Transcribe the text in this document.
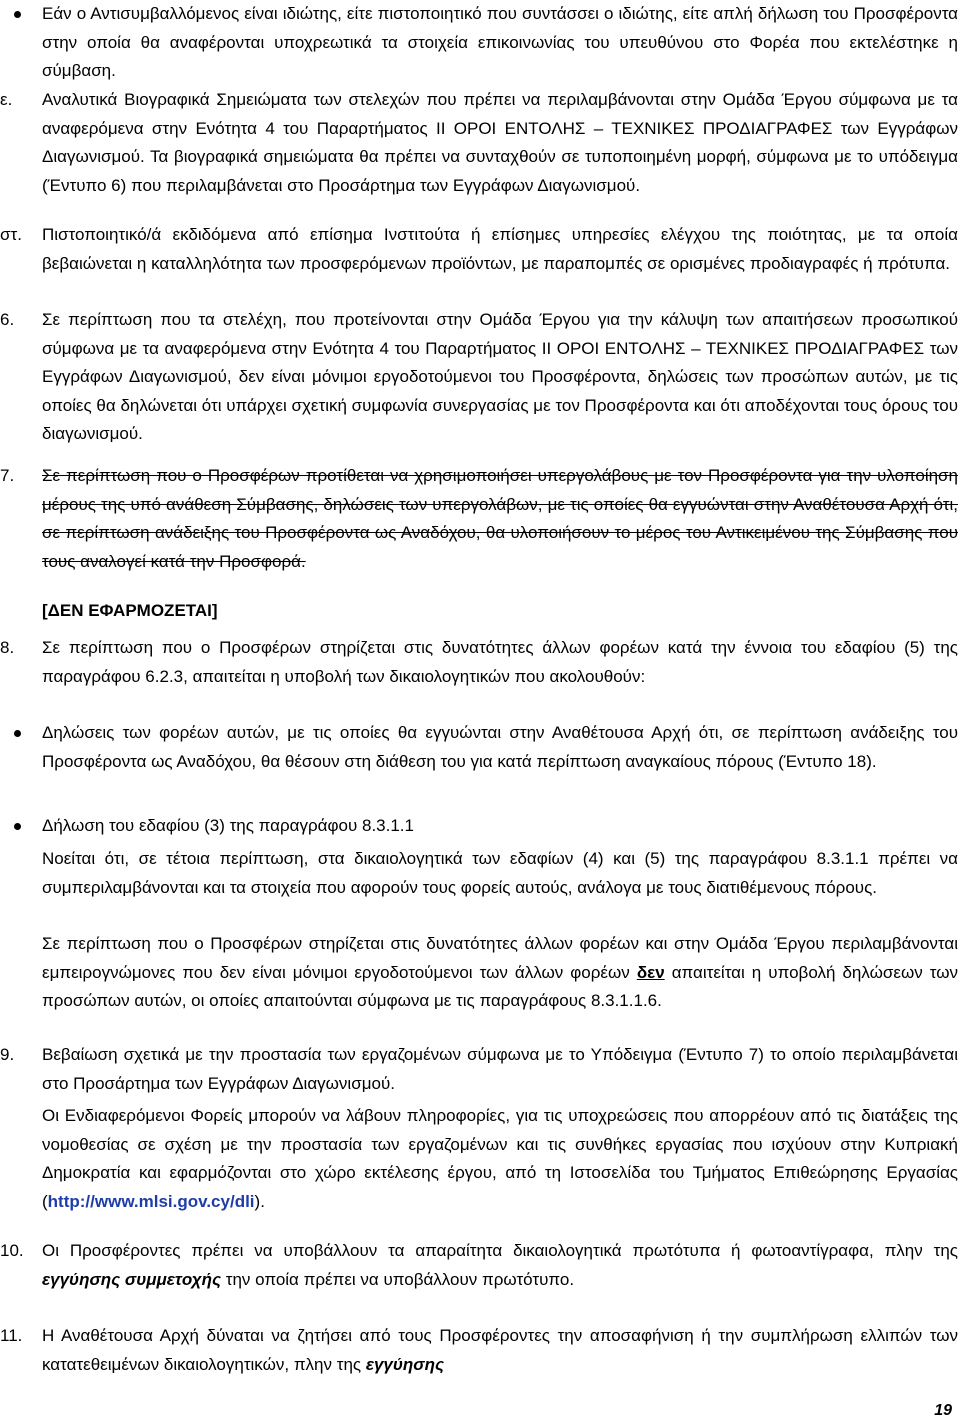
Εάν ο Αντισυμβαλλόμενος είναι ιδιώτης, είτε πιστοποιητικό που συντάσσει ο ιδιώτης, είτε απλή δήλωση του Προσφέροντα στην οποία θα αναφέρονται υποχρεωτικά τα στοιχεία επικοινωνίας του υπευθύνου στο Φορέα που εκτελέστηκε η σύμβαση.
ε.	Αναλυτικά Βιογραφικά Σημειώματα των στελεχών που πρέπει να περιλαμβάνονται στην Ομάδα Έργου σύμφωνα με τα αναφερόμενα στην Ενότητα 4 του Παραρτήματος ΙΙ ΟΡΟΙ ΕΝΤΟΛΗΣ – ΤΕΧΝΙΚΕΣ ΠΡΟΔΙΑΓΡΑΦΕΣ των Εγγράφων Διαγωνισμού. Τα βιογραφικά σημειώματα θα πρέπει να συνταχθούν σε τυποποιημένη μορφή, σύμφωνα με το υπόδειγμα (Έντυπο 6) που περιλαμβάνεται στο Προσάρτημα των Εγγράφων Διαγωνισμού.
στ.	Πιστοποιητικό/ά εκδιδόμενα από επίσημα Ινστιτούτα ή επίσημες υπηρεσίες ελέγχου της ποιότητας, με τα οποία βεβαιώνεται η καταλληλότητα των προσφερόμενων προϊόντων, με παραπομπές σε ορισμένες προδιαγραφές ή πρότυπα.
6.	Σε περίπτωση που τα στελέχη, που προτείνονται στην Ομάδα Έργου για την κάλυψη των απαιτήσεων προσωπικού σύμφωνα με τα αναφερόμενα στην Ενότητα 4 του Παραρτήματος ΙΙ ΟΡΟΙ ΕΝΤΟΛΗΣ – ΤΕΧΝΙΚΕΣ ΠΡΟΔΙΑΓΡΑΦΕΣ των Εγγράφων Διαγωνισμού, δεν είναι μόνιμοι εργοδοτούμενοι του Προσφέροντα, δηλώσεις των προσώπων αυτών, με τις οποίες θα δηλώνεται ότι υπάρχει σχετική συμφωνία συνεργασίας με τον Προσφέροντα και ότι αποδέχονται τους όρους του διαγωνισμού.
7.	Σε περίπτωση που ο Προσφέρων προτίθεται να χρησιμοποιήσει υπεργολάβους με τον Προσφέροντα για την υλοποίηση μέρους της υπό ανάθεση Σύμβασης, δηλώσεις των υπεργολάβων, με τις οποίες θα εγγυώνται στην Αναθέτουσα Αρχή ότι, σε περίπτωση ανάδειξης του Προσφέροντα ως Αναδόχου, θα υλοποιήσουν το μέρος του Αντικειμένου της Σύμβασης που τους αναλογεί κατά την Προσφορά.
[ΔΕΝ ΕΦΑΡΜΟΖΕΤΑΙ]
8.	Σε περίπτωση που ο Προσφέρων στηρίζεται στις δυνατότητες άλλων φορέων κατά την έννοια του εδαφίου (5) της παραγράφου 6.2.3, απαιτείται η υποβολή των δικαιολογητικών που ακολουθούν:
Δηλώσεις των φορέων αυτών, με τις οποίες θα εγγυώνται στην Αναθέτουσα Αρχή ότι, σε περίπτωση ανάδειξης του Προσφέροντα ως Αναδόχου, θα θέσουν στη διάθεση του για κατά περίπτωση αναγκαίους πόρους (Έντυπο 18).
Δήλωση του εδαφίου (3) της παραγράφου 8.3.1.1
Νοείται ότι, σε τέτοια περίπτωση, στα δικαιολογητικά των εδαφίων (4) και (5) της παραγράφου 8.3.1.1 πρέπει να συμπεριλαμβάνονται και τα στοιχεία που αφορούν τους φορείς αυτούς, ανάλογα με τους διατιθέμενους πόρους.
Σε περίπτωση που ο Προσφέρων στηρίζεται στις δυνατότητες άλλων φορέων και στην Ομάδα Έργου περιλαμβάνονται εμπειρογνώμονες που δεν είναι μόνιμοι εργοδοτούμενοι των άλλων φορέων δεν απαιτείται η υποβολή δηλώσεων των προσώπων αυτών, οι οποίες απαιτούνται σύμφωνα με τις παραγράφους 8.3.1.1.6.
9.	Βεβαίωση σχετικά με την προστασία των εργαζομένων σύμφωνα με το Υπόδειγμα (Έντυπο 7) το οποίο περιλαμβάνεται στο Προσάρτημα των Εγγράφων Διαγωνισμού.
Οι Ενδιαφερόμενοι Φορείς μπορούν να λάβουν πληροφορίες, για τις υποχρεώσεις που απορρέουν από τις διατάξεις της νομοθεσίας σε σχέση με την προστασία των εργαζομένων και τις συνθήκες εργασίας που ισχύουν στην Κυπριακή Δημοκρατία και εφαρμόζονται στο χώρο εκτέλεσης έργου, από τη Ιστοσελίδα του Τμήματος Επιθεώρησης Εργασίας (http://www.mlsi.gov.cy/dli).
10.	Οι Προσφέροντες πρέπει να υποβάλλουν τα απαραίτητα δικαιολογητικά πρωτότυπα ή φωτοαντίγραφα, πλην της εγγύησης συμμετοχής την οποία πρέπει να υποβάλλουν πρωτότυπο.
11.	Η Αναθέτουσα Αρχή δύναται να ζητήσει από τους Προσφέροντες την αποσαφήνιση ή την συμπλήρωση ελλιπών των κατατεθειμένων δικαιολογητικών, πλην της εγγύησης
19
